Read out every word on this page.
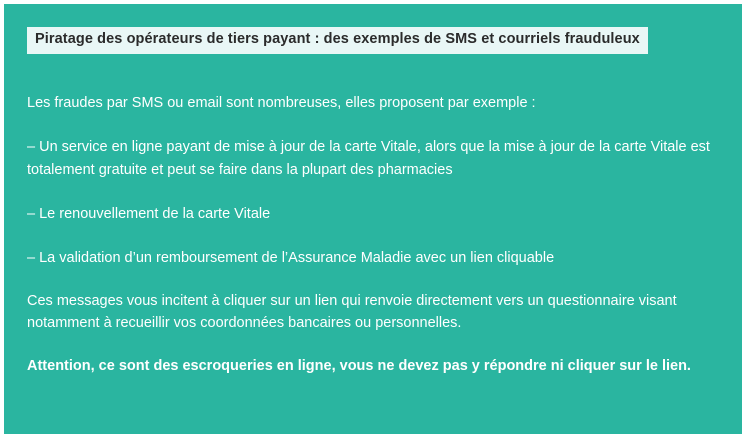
Piratage des opérateurs de tiers payant : des exemples de SMS et courriels frauduleux

Les fraudes par SMS ou email sont nombreuses, elles proposent par exemple :

– Un service en ligne payant de mise à jour de la carte Vitale, alors que la mise à jour de la carte Vitale est totalement gratuite et peut se faire dans la plupart des pharmacies

– Le renouvellement de la carte Vitale

– La validation d’un remboursement de l’Assurance Maladie avec un lien cliquable

Ces messages vous incitent à cliquer sur un lien qui renvoie directement vers un questionnaire visant notamment à recueillir vos coordonnées bancaires ou personnelles.

Attention, ce sont des escroqueries en ligne, vous ne devez pas y répondre ni cliquer sur le lien.
